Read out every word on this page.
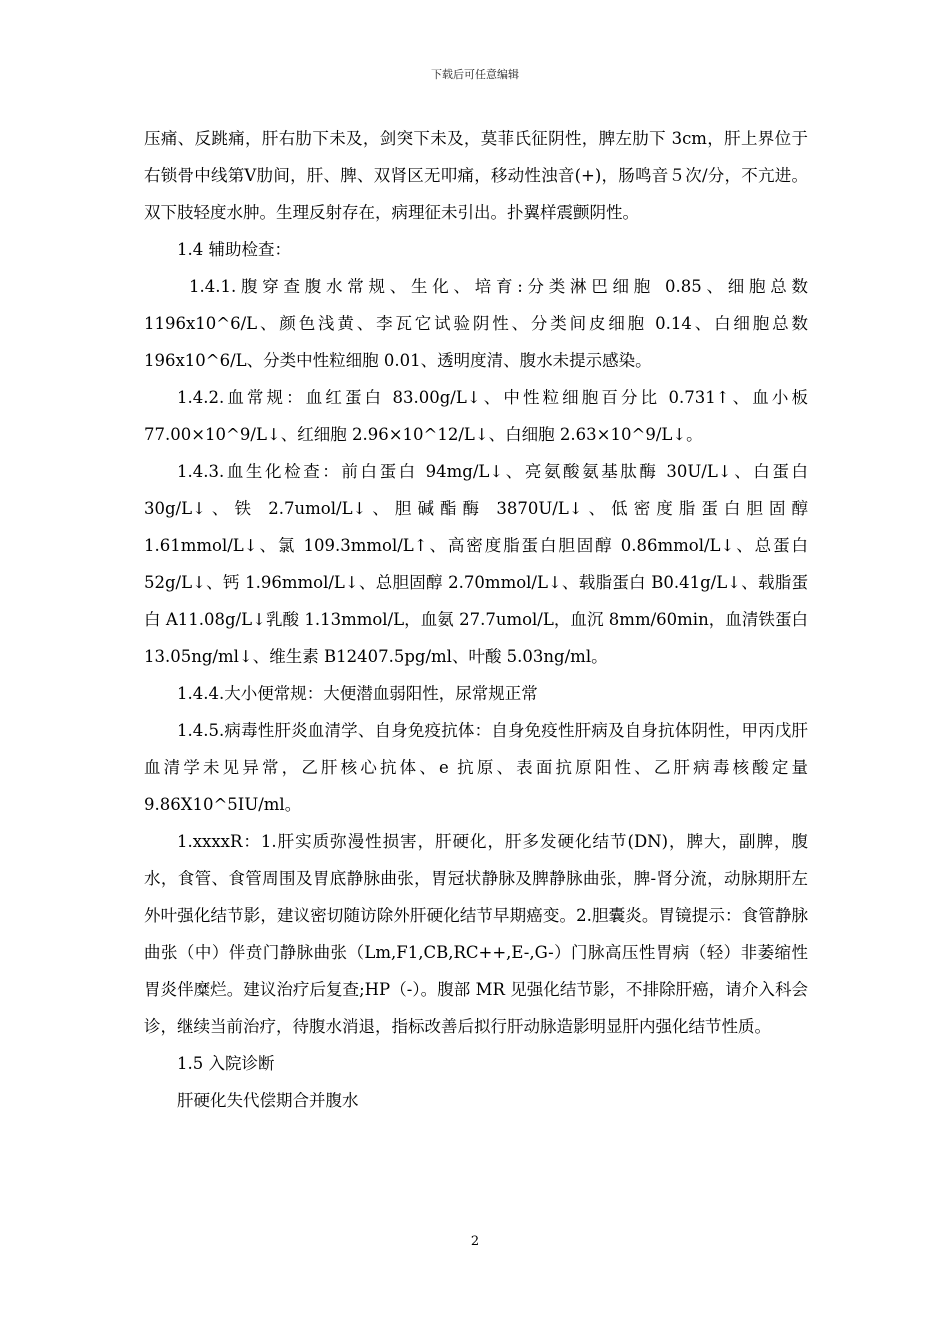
下载后可任意编辑

压痛、反跳痛，肝右肋下未及，剑突下未及，莫菲氏征阴性，脾左肋下 3cm，肝上界位于右锁骨中线第Ⅴ肋间，肝、脾、双肾区无叩痛，移动性浊音(+)，肠鸣音５次/分，不亢进。双下肢轻度水肿。生理反射存在，病理征未引出。扑翼样震颤阴性。

1.4 辅助检查：

1.4.1.腹穿查腹水常规、生化、培育:分类淋巴细胞 0.85、细胞总数 1196x10^6/L、颜色浅黄、李瓦它试验阴性、分类间皮细胞 0.14、白细胞总数 196x10^6/L、分类中性粒细胞 0.01、透明度清、腹水未提示感染。

1.4.2.血常规：血红蛋白 83.00g/L↓、中性粒细胞百分比 0.731↑、血小板 77.00×10^9/L↓、红细胞 2.96×10^12/L↓、白细胞 2.63×10^9/L↓。

1.4.3.血生化检查：前白蛋白 94mg/L↓、亮氨酸氨基肽酶 30U/L↓、白蛋白 30g/L↓、铁 2.7umol/L↓、胆碱酯酶 3870U/L↓、低密度脂蛋白胆固醇 1.61mmol/L↓、氯 109.3mmol/L↑、高密度脂蛋白胆固醇 0.86mmol/L↓、总蛋白 52g/L↓、钙 1.96mmol/L↓、总胆固醇 2.70mmol/L↓、载脂蛋白 B0.41g/L↓、载脂蛋白 A11.08g/L↓乳酸 1.13mmol/L，血氨 27.7umol/L，血沉 8mm/60min，血清铁蛋白 13.05ng/ml↓、维生素 B12407.5pg/ml、叶酸 5.03ng/ml。

1.4.4.大小便常规：大便潜血弱阳性，尿常规正常

1.4.5.病毒性肝炎血清学、自身免疫抗体：自身免疫性肝病及自身抗体阴性，甲丙戊肝血清学未见异常，乙肝核心抗体、e 抗原、表面抗原阳性、乙肝病毒核酸定量 9.86X10^5IU/ml。

1.xxxxR：1.肝实质弥漫性损害，肝硬化，肝多发硬化结节(DN)，脾大，副脾，腹水，食管、食管周围及胃底静脉曲张，胃冠状静脉及脾静脉曲张，脾-肾分流，动脉期肝左外叶强化结节影，建议密切随访除外肝硬化结节早期癌变。2.胆囊炎。胃镜提示：食管静脉曲张（中）伴贲门静脉曲张（Lm,F1,CB,RC++,E-,G-）门脉高压性胃病（轻）非萎缩性胃炎伴糜烂。建议治疗后复查;HP（-）。腹部 MR 见强化结节影，不排除肝癌，请介入科会诊，继续当前治疗，待腹水消退，指标改善后拟行肝动脉造影明显肝内强化结节性质。

1.5 入院诊断

肝硬化失代偿期合并腹水

2
